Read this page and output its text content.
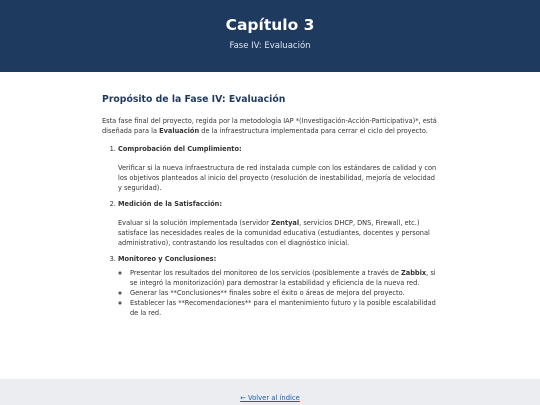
Capítulo 3
Fase IV: Evaluación
Propósito de la Fase IV: Evaluación

Esta fase final del proyecto, regida por la metodología IAP *(Investigación-Acción-Participativa)*, está diseñada para la Evaluación de la infraestructura implementada para cerrar el ciclo del proyecto.

1. Comprobación del Cumplimiento:

Verificar si la nueva infraestructura de red instalada cumple con los estándares de calidad y con los objetivos planteados al inicio del proyecto (resolución de inestabilidad, mejoría de velocidad y seguridad).

2. Medición de la Satisfacción:

Evaluar si la solución implementada (servidor Zentyal, servicios DHCP, DNS, Firewall, etc.) satisface las necesidades reales de la comunidad educativa (estudiantes, docentes y personal administrativo), contrastando los resultados con el diagnóstico inicial.

3. Monitoreo y Conclusiones:
◦ Presentar los resultados del monitoreo de los servicios (posiblemente a través de Zabbix, si se integró la monitorización) para demostrar la estabilidad y eficiencia de la nueva red.
◦ Generar las **Conclusiones** finales sobre el éxito o áreas de mejora del proyecto.
◦ Establecer las **Recomendaciones** para el mantenimiento futuro y la posible escalabilidad de la red.
← Volver al índice
